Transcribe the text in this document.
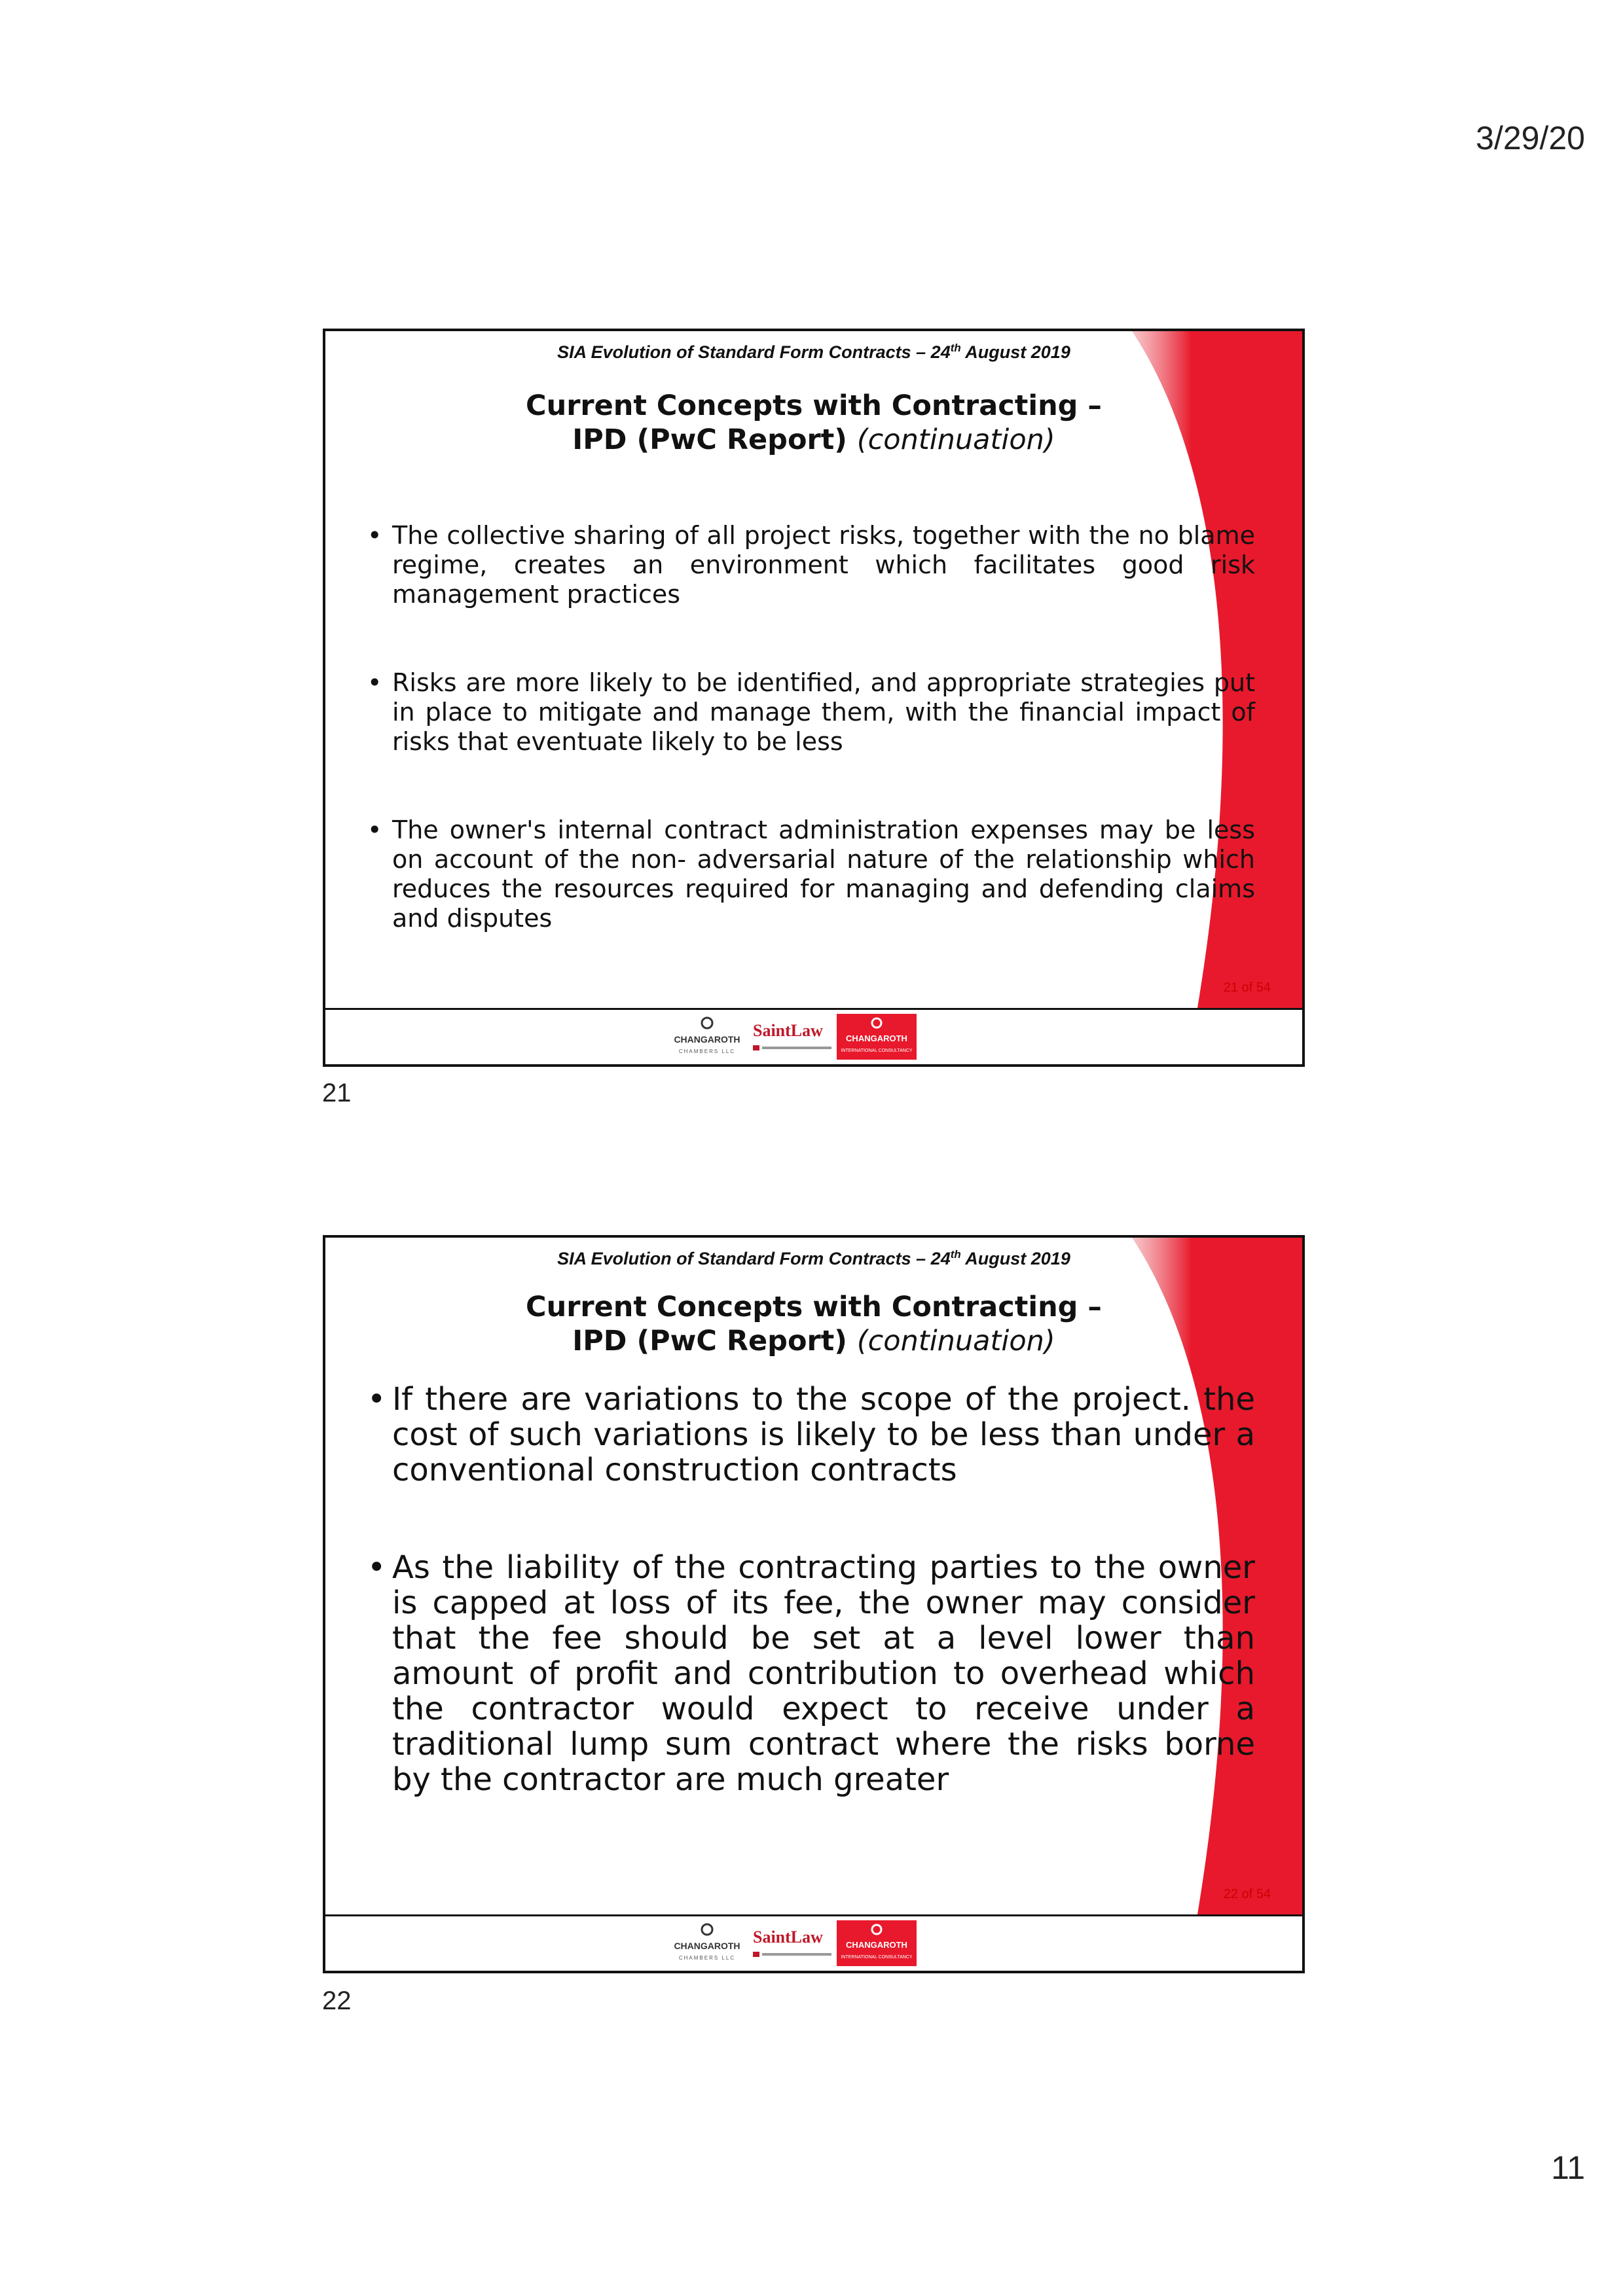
3/29/20
SIA Evolution of Standard Form Contracts – 24th August 2019
Current Concepts with Contracting –
IPD (PwC Report) (continuation)
• The collective sharing of all project risks, together with the no blame regime, creates an environment which facilitates good risk management practices
• Risks are more likely to be identified, and appropriate strategies put in place to mitigate and manage them, with the financial impact of risks that eventuate likely to be less
• The owner's internal contract administration expenses may be less on account of the non- adversarial nature of the relationship which reduces the resources required for managing and defending claims and disputes
21 of 54
CHANGAROTH
CHAMBERS LLC
SaintLaw	CHANGAROTH
INTERNATIONAL CONSULTANCY
21
SIA Evolution of Standard Form Contracts – 24th August 2019
Current Concepts with Contracting –
IPD (PwC Report) (continuation)
• If there are variations to the scope of the project. the cost of such variations is likely to be less than under a conventional construction contracts
• As the liability of the contracting parties to the owner is capped at loss of its fee, the owner may consider that the fee should be set at a level lower than amount of profit and contribution to overhead which the contractor would expect to receive under a traditional lump sum contract where the risks borne by the contractor are much greater
22 of 54
CHANGAROTH
CHAMBERS LLC
SaintLaw	CHANGAROTH
INTERNATIONAL CONSULTANCY
22
11
